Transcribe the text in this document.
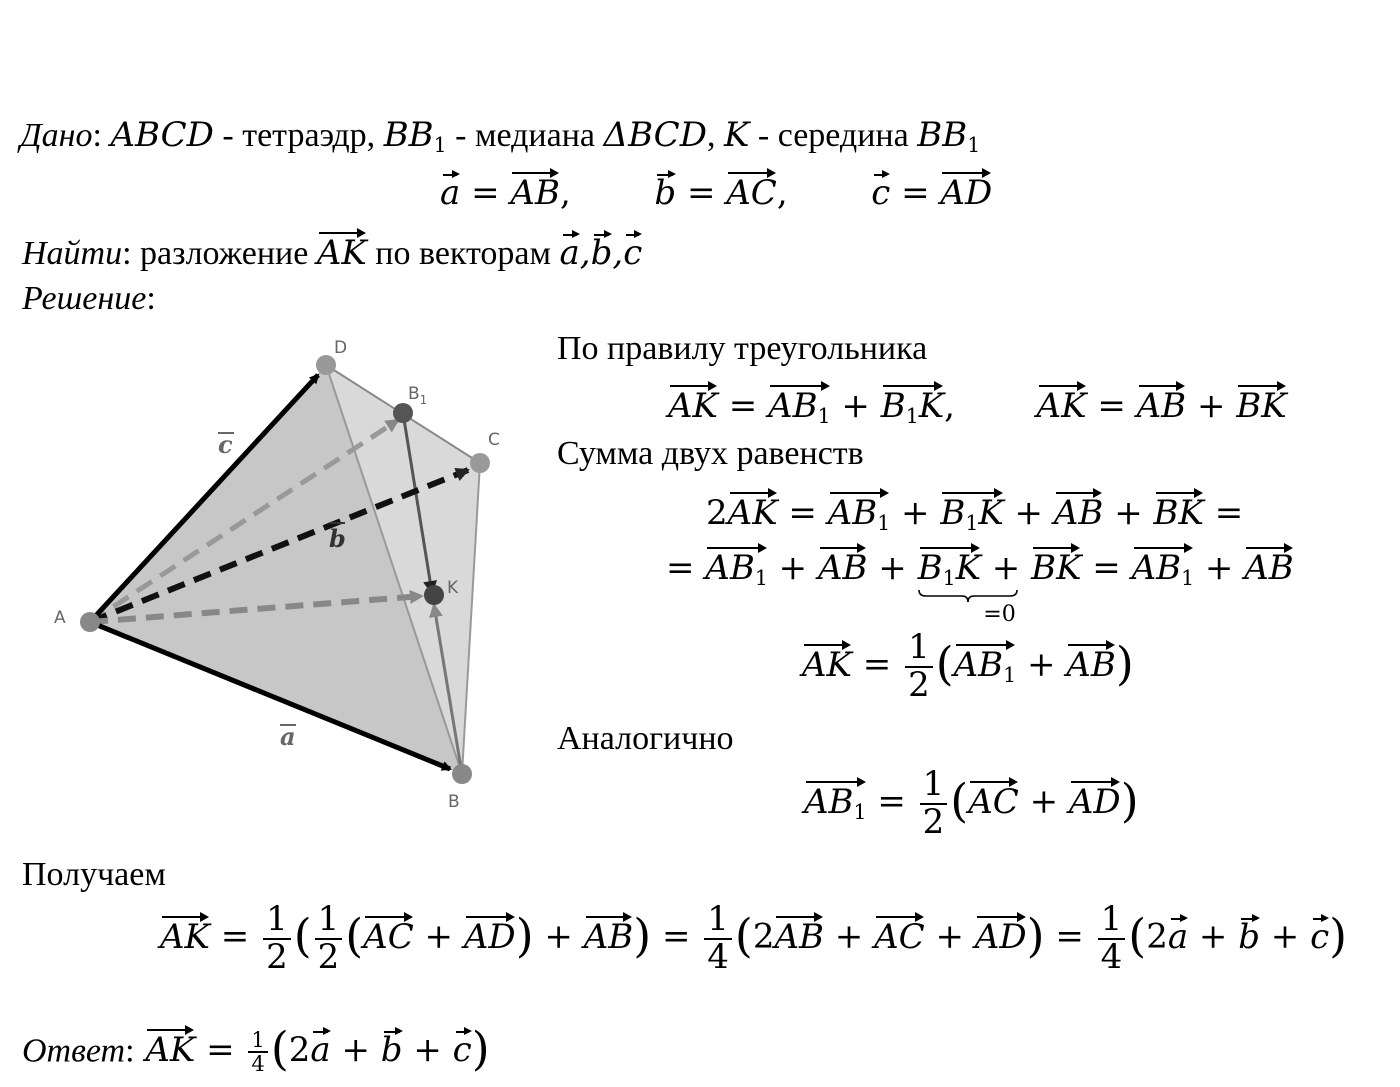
Дано: ABCD - тетраэдр, $BB_1$ - медиана ΔBCD, K - середина $BB_1$
a = AB, b = AC, c = AD
Найти: разложение AK по векторам a,b,c
Решение:
A
D
C
B
$B_1$
K
c
b
a
По правилу треугольника
AK = $AB_1 + B_1K$, AK = AB + BK
Сумма двух равенств
$2AK = AB_1 + B_1K$ + AB + BK =
= $AB_1$ + AB + $B_1K$ + BK
=0
= $AB_1$ + AB
AK = $\frac{1}{2} (AB_1 + AB)$
Аналогично
$AB_1 = \frac{1}{2} (AC + AD)$
Получаем
AK = $\frac{1}{2}$ ( $\frac{1}{2} (AC + AD) + AB) = \frac{1}{4} (2AB$ + AC + $AD) = \frac{1}{4} (2a + b + c)$
Ответ: AK = $\frac{1}{4} (2a + b + c)$
